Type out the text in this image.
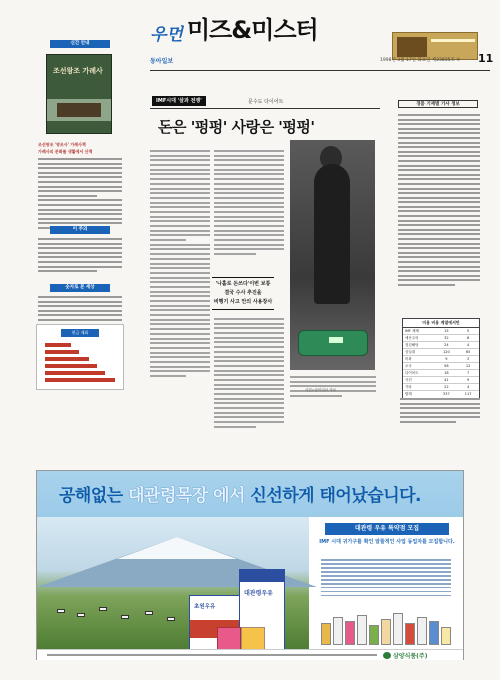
우먼 미즈&미스터
동아일보	1998년 3월 17일 화요일 제23835호 ④ 11
신간 안내
조선왕조 가례사
조선왕조 '왕조사' 가례사책
가례사의 문화를 생활에서 산책
이 주의
숫자로 본 세상
현금 재화
IMF시대 '살과 전쟁'	문수도 다이어트
돈은 '펑펑' 사랑은 '펑펑'
'나홀로 돈쓰다'이번 보통
결국 수사 추진을
비행기 사고 안의 사용장사
사진=동아일보 자료
경품 기재별 기사 정보
미용 비용 계열에서만
IMF 체제	15	5
예산주의	32	8
점검해당	24	4
상실대	120	65
미화	9	3
오곡	56	12
다이어트	18	7
사건	41	9
기타	22	4
합계	337	117
공해없는 대관령목장 에서 신선하게 태어났습니다.
초원우유
대관령우유
대관령 우유 특약점 모집
IMF 시대 귀가구를 확인 알뜰적인 사업 동업자를 모집합니다.
삼양식품(주)
